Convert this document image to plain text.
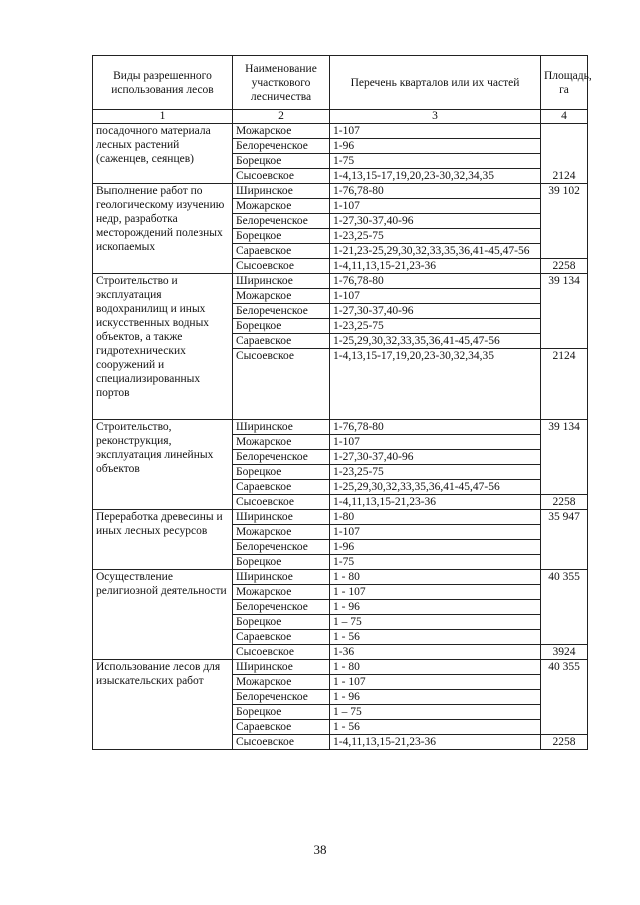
Виды разрешенного использования лесов	Наименование участкового лесничества	Перечень кварталов или их частей	Площадь, га
1	2	3	4
посадочного материала лесных растений (саженцев, сеянцев)	Можарское	1-107	2124
	Белореченское	1-96	
	Борецкое	1-75	
	Сысоевское	1-4,13,15-17,19,20,23-30,32,34,35	
Выполнение работ по геологическому изучению недр, разработка месторождений полезных ископаемых	Ширинское	1-76,78-80	39 102
	Можарское	1-107	
	Белореченское	1-27,30-37,40-96	
	Борецкое	1-23,25-75	
	Сараевское	1-21,23-25,29,30,32,33,35,36,41-45,47-56	
	Сысоевское	1-4,11,13,15-21,23-36	2258
Строительство и эксплуатация водохранилищ и иных искусственных водных объектов, а также гидротехнических сооружений и специализированных портов	Ширинское	1-76,78-80	39 134
	Можарское	1-107	
	Белореченское	1-27,30-37,40-96	
	Борецкое	1-23,25-75	
	Сараевское	1-25,29,30,32,33,35,36,41-45,47-56	
	Сысоевское	1-4,13,15-17,19,20,23-30,32,34,35	2124
Строительство, реконструкция, эксплуатация линейных объектов	Ширинское	1-76,78-80	39 134
	Можарское	1-107	
	Белореченское	1-27,30-37,40-96	
	Борецкое	1-23,25-75	
	Сараевское	1-25,29,30,32,33,35,36,41-45,47-56	
	Сысоевское	1-4,11,13,15-21,23-36	2258
Переработка древесины и иных лесных ресурсов	Ширинское	1-80	35 947
	Можарское	1-107	
	Белореченское	1-96	
	Борецкое	1-75	
Осуществление религиозной деятельности	Ширинское	1 - 80	40 355
	Можарское	1 - 107	
	Белореченское	1 - 96	
	Борецкое	1 – 75	
	Сараевское	1 - 56	
	Сысоевское	1-36	3924
Использование лесов для изыскательских работ	Ширинское	1 - 80	40 355
	Можарское	1 - 107	
	Белореченское	1 - 96	
	Борецкое	1 – 75	
	Сараевское	1 - 56	
	Сысоевское	1-4,11,13,15-21,23-36	2258
38
